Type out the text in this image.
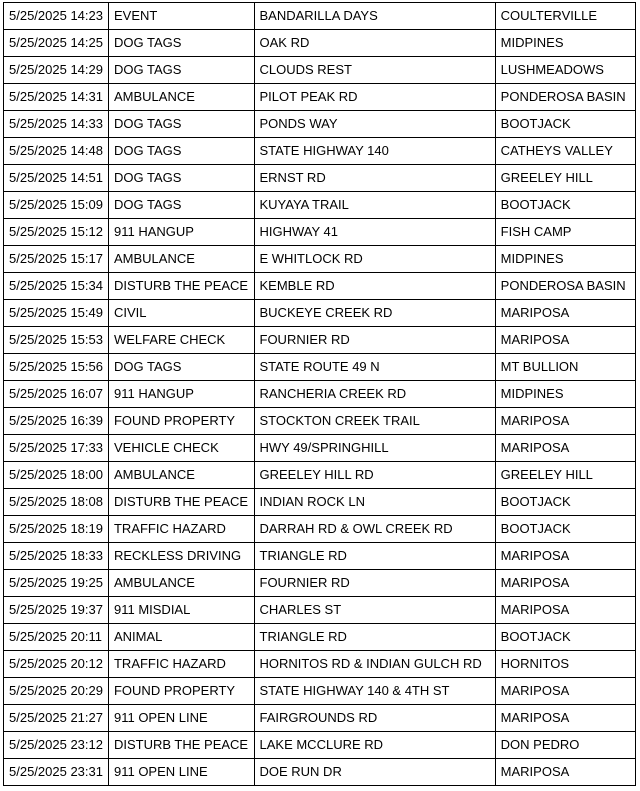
5/25/2025 14:23	EVENT	BANDARILLA DAYS	COULTERVILLE
5/25/2025 14:25	DOG TAGS	OAK RD	MIDPINES
5/25/2025 14:29	DOG TAGS	CLOUDS REST	LUSHMEADOWS
5/25/2025 14:31	AMBULANCE	PILOT PEAK RD	PONDEROSA BASIN
5/25/2025 14:33	DOG TAGS	PONDS WAY	BOOTJACK
5/25/2025 14:48	DOG TAGS	STATE HIGHWAY 140	CATHEYS VALLEY
5/25/2025 14:51	DOG TAGS	ERNST RD	GREELEY HILL
5/25/2025 15:09	DOG TAGS	KUYAYA TRAIL	BOOTJACK
5/25/2025 15:12	911 HANGUP	HIGHWAY 41	FISH CAMP
5/25/2025 15:17	AMBULANCE	E WHITLOCK RD	MIDPINES
5/25/2025 15:34	DISTURB THE PEACE	KEMBLE RD	PONDEROSA BASIN
5/25/2025 15:49	CIVIL	BUCKEYE CREEK RD	MARIPOSA
5/25/2025 15:53	WELFARE CHECK	FOURNIER RD	MARIPOSA
5/25/2025 15:56	DOG TAGS	STATE ROUTE 49 N	MT BULLION
5/25/2025 16:07	911 HANGUP	RANCHERIA CREEK RD	MIDPINES
5/25/2025 16:39	FOUND PROPERTY	STOCKTON CREEK TRAIL	MARIPOSA
5/25/2025 17:33	VEHICLE CHECK	HWY 49/SPRINGHILL	MARIPOSA
5/25/2025 18:00	AMBULANCE	GREELEY HILL RD	GREELEY HILL
5/25/2025 18:08	DISTURB THE PEACE	INDIAN ROCK LN	BOOTJACK
5/25/2025 18:19	TRAFFIC HAZARD	DARRAH RD & OWL CREEK RD	BOOTJACK
5/25/2025 18:33	RECKLESS DRIVING	TRIANGLE RD	MARIPOSA
5/25/2025 19:25	AMBULANCE	FOURNIER RD	MARIPOSA
5/25/2025 19:37	911 MISDIAL	CHARLES ST	MARIPOSA
5/25/2025 20:11	ANIMAL	TRIANGLE RD	BOOTJACK
5/25/2025 20:12	TRAFFIC HAZARD	HORNITOS RD & INDIAN GULCH RD	HORNITOS
5/25/2025 20:29	FOUND PROPERTY	STATE HIGHWAY 140 & 4TH ST	MARIPOSA
5/25/2025 21:27	911 OPEN LINE	FAIRGROUNDS RD	MARIPOSA
5/25/2025 23:12	DISTURB THE PEACE	LAKE MCCLURE RD	DON PEDRO
5/25/2025 23:31	911 OPEN LINE	DOE RUN DR	MARIPOSA
